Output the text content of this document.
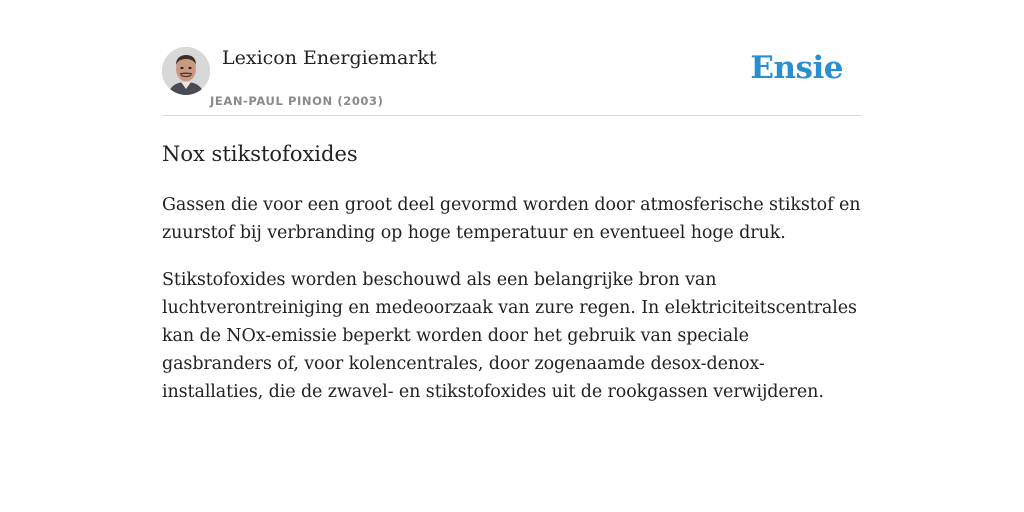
Lexicon Energiemarkt
JEAN-PAUL PINON (2003)
Ensie
Nox stikstofoxides

Gassen die voor een groot deel gevormd worden door atmosferische stikstof en zuurstof bij verbranding op hoge temperatuur en eventueel hoge druk.

Stikstofoxides worden beschouwd als een belangrijke bron van luchtverontreiniging en medeoorzaak van zure regen. In elektriciteitscentrales kan de NOx-emissie beperkt worden door het gebruik van speciale gasbranders of, voor kolencentrales, door zogenaamde desox-denox-installaties, die de zwavel- en stikstofoxides uit de rookgassen verwijderen.
